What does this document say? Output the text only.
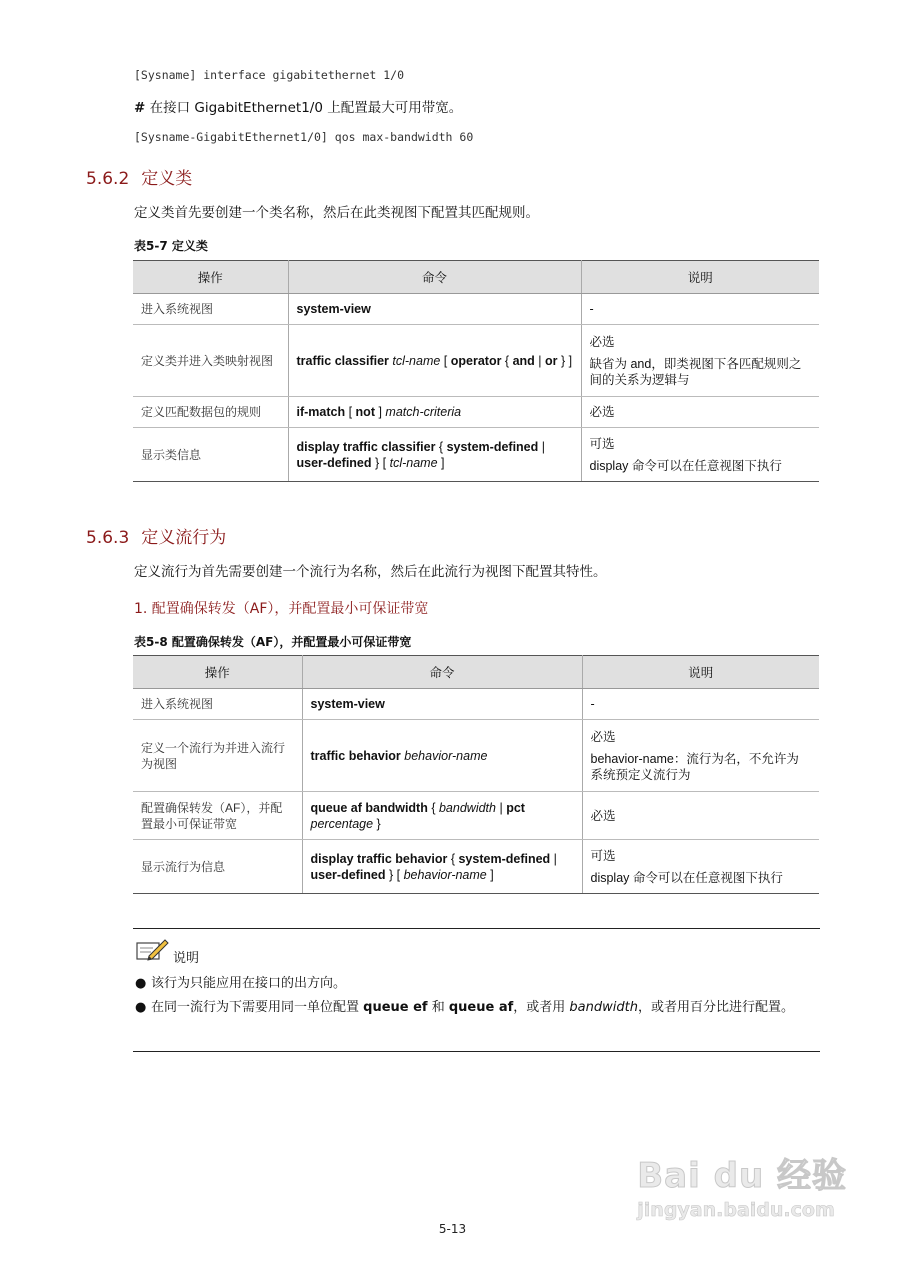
[Sysname] interface gigabitethernet 1/0
# 在接口 GigabitEthernet1/0 上配置最大可用带宽。
[Sysname-GigabitEthernet1/0] qos max-bandwidth 60
5.6.2 定义类
定义类首先要创建一个类名称，然后在此类视图下配置其匹配规则。
表5-7 定义类
操作	命令	说明
进入系统视图	system-view	-

定义类并进入类映射视图	traffic classifier tcl-name [ operator { and | or } ]	必选
缺省为 and，即类视图下各匹配规则之间的关系为逻辑与

定义匹配数据包的规则	if-match [ not ] match-criteria	必选

显示类信息	display traffic classifier { system-defined | user-defined } [ tcl-name ]	可选
display 命令可以在任意视图下执行
5.6.3 定义流行为
定义流行为首先需要创建一个流行为名称，然后在此流行为视图下配置其特性。
1. 配置确保转发（AF），并配置最小可保证带宽
表5-8 配置确保转发（AF），并配置最小可保证带宽
操作	命令	说明
进入系统视图	system-view	-

定义一个流行为并进入流行为视图	traffic behavior behavior-name	必选
behavior-name：流行为名，不允许为系统预定义流行为

配置确保转发（AF），并配置最小可保证带宽	queue af bandwidth { bandwidth | pct percentage }	必选

显示流行为信息	display traffic behavior { system-defined | user-defined } [ behavior-name ]	可选
display 命令可以在任意视图下执行
说明
● 该行为只能应用在接口的出方向。
● 在同一流行为下需要用同一单位配置 queue ef 和 queue af，或者用 bandwidth，或者用百分比进行配置。
Bai du 经验
jingyan.baidu.com
5-13
